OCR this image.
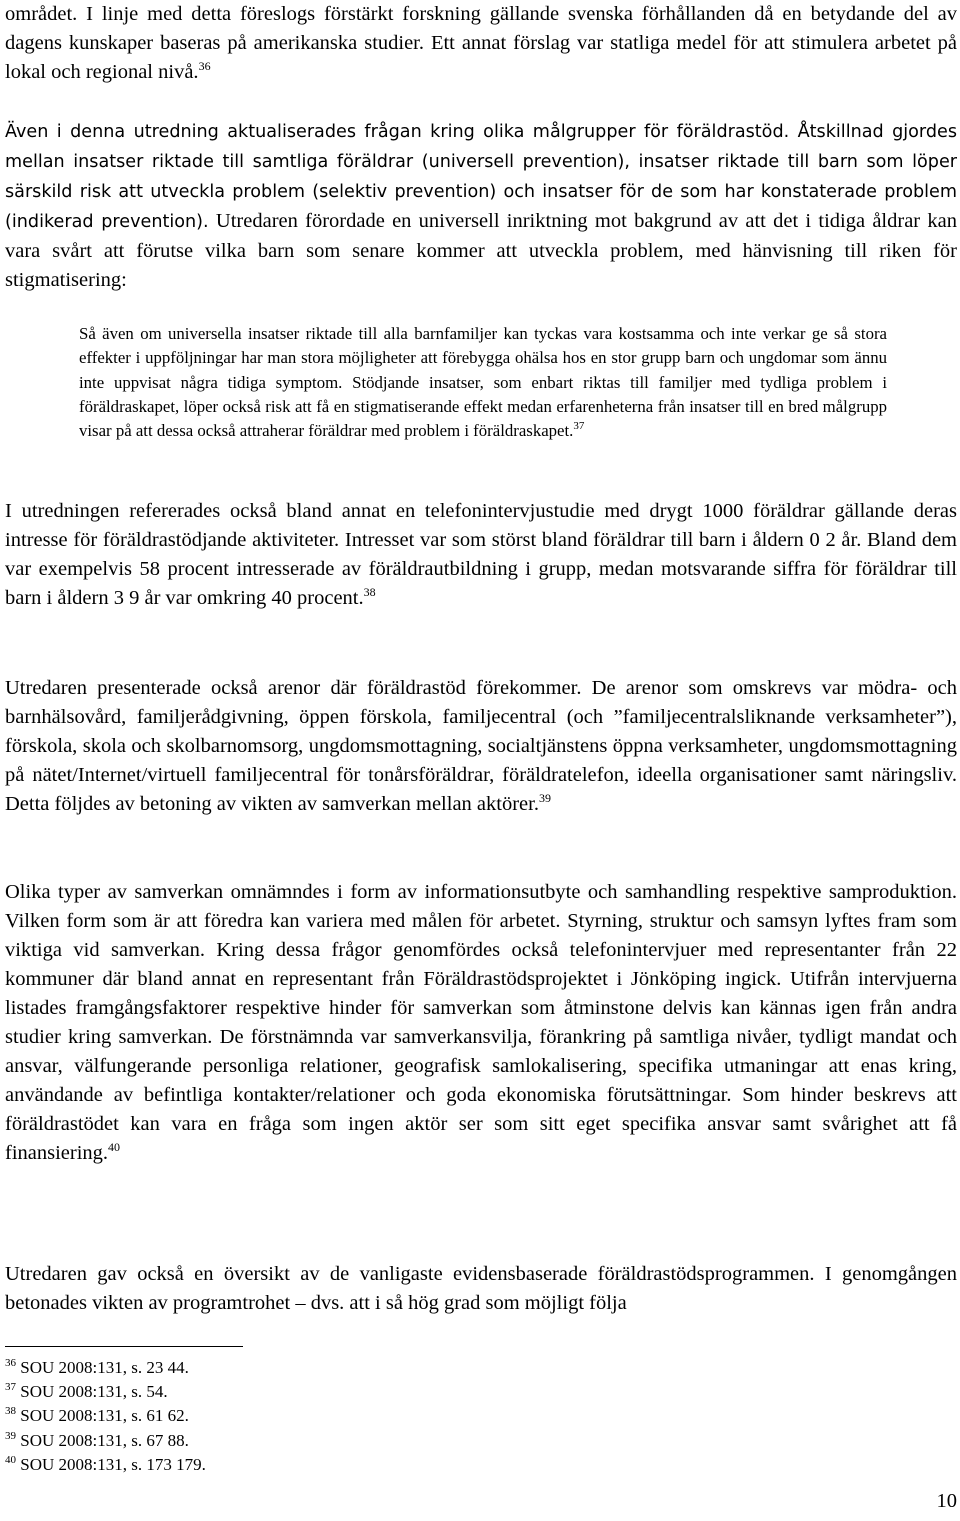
området. I linje med detta föreslogs förstärkt forskning gällande svenska förhållanden då en betydande del av dagens kunskaper baseras på amerikanska studier. Ett annat förslag var statliga medel för att stimulera arbetet på lokal och regional nivå.$^{36}$

Även i denna utredning aktualiserades frågan kring olika målgrupper för föräldrastöd. Åtskillnad gjordes mellan insatser riktade till samtliga föräldrar (universell prevention), insatser riktade till barn som löper särskild risk att utveckla problem (selektiv prevention) och insatser för de som har konstaterade problem (indikerad prevention). Utredaren förordade en universell inriktning mot bakgrund av att det i tidiga åldrar kan vara svårt att förutse vilka barn som senare kommer att utveckla problem, med hänvisning till riken för stigmatisering:

Så även om universella insatser riktade till alla barnfamiljer kan tyckas vara kostsamma och inte verkar ge så stora effekter i uppföljningar har man stora möjligheter att förebygga ohälsa hos en stor grupp barn och ungdomar som ännu inte uppvisat några tidiga symptom. Stödjande insatser, som enbart riktas till familjer med tydliga problem i föräldraskapet, löper också risk att få en stigmatiserande effekt medan erfarenheterna från insatser till en bred målgrupp visar på att dessa också attraherar föräldrar med problem i föräldraskapet.$^{37}$

I utredningen refererades också bland annat en telefonintervjustudie med drygt 1000 föräldrar gällande deras intresse för föräldrastödjande aktiviteter. Intresset var som störst bland föräldrar till barn i åldern 0 2 år. Bland dem var exempelvis 58 procent intresserade av föräldrautbildning i grupp, medan motsvarande siffra för föräldrar till barn i åldern 3 9 år var omkring 40 procent.$^{38}$

Utredaren presenterade också arenor där föräldrastöd förekommer. De arenor som omskrevs var mödra- och barnhälsovård, familjerådgivning, öppen förskola, familjecentral (och ”familjecentralsliknande verksamheter”), förskola, skola och skolbarnomsorg, ungdomsmottagning, socialtjänstens öppna verksamheter, ungdomsmottagning på nätet/Internet/virtuell familjecentral för tonårsföräldrar, föräldratelefon, ideella organisationer samt näringsliv. Detta följdes av betoning av vikten av samverkan mellan aktörer.$^{39}$

Olika typer av samverkan omnämndes i form av informationsutbyte och samhandling respektive samproduktion. Vilken form som är att föredra kan variera med målen för arbetet. Styrning, struktur och samsyn lyftes fram som viktiga vid samverkan. Kring dessa frågor genomfördes också telefonintervjuer med representanter från 22 kommuner där bland annat en representant från Föräldrastödsprojektet i Jönköping ingick. Utifrån intervjuerna listades framgångsfaktorer respektive hinder för samverkan som åtminstone delvis kan kännas igen från andra studier kring samverkan. De förstnämnda var samverkansvilja, förankring på samtliga nivåer, tydligt mandat och ansvar, välfungerande personliga relationer, geografisk samlokalisering, specifika utmaningar att enas kring, användande av befintliga kontakter/relationer och goda ekonomiska förutsättningar. Som hinder beskrevs att föräldrastödet kan vara en fråga som ingen aktör ser som sitt eget specifika ansvar samt svårighet att få finansiering.$^{40}$

Utredaren gav också en översikt av de vanligaste evidensbaserade föräldrastödsprogrammen. I genomgången betonades vikten av programtrohet – dvs. att i så hög grad som möjligt följa

$^{36}$ SOU 2008:131, s. 23 44.
$^{37}$ SOU 2008:131, s. 54.
$^{38}$ SOU 2008:131, s. 61 62.
$^{39}$ SOU 2008:131, s. 67 88.
$^{40}$ SOU 2008:131, s. 173 179.
10
